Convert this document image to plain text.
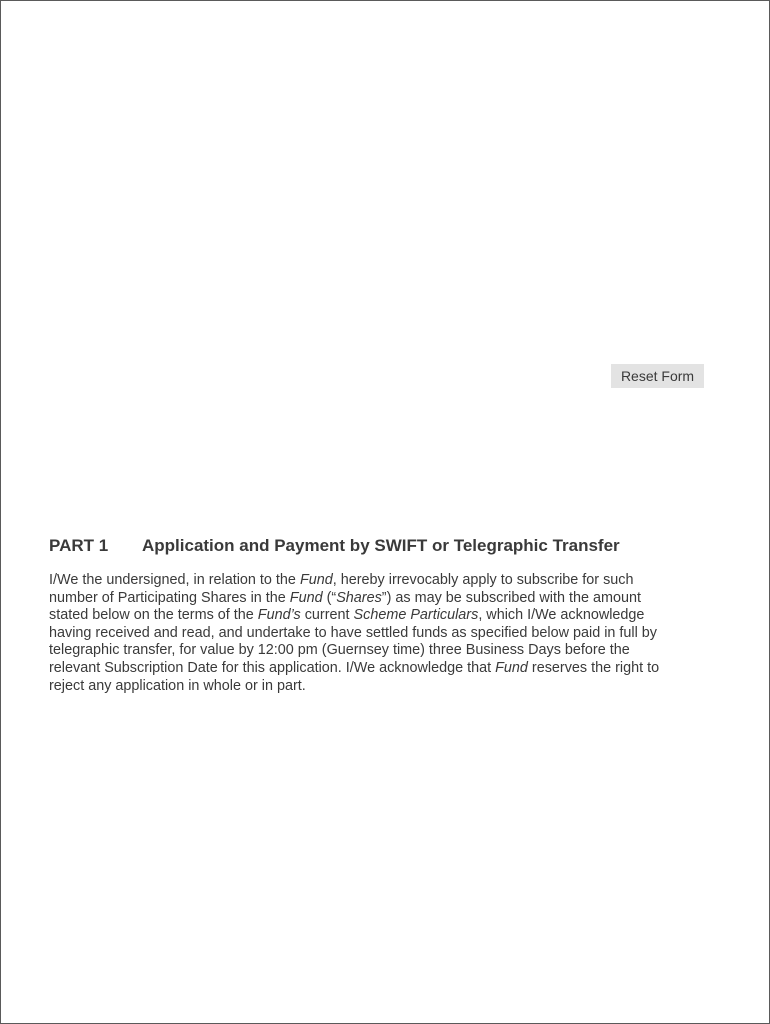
Reset Form
PART 1 Application and Payment by SWIFT or Telegraphic Transfer
I/We the undersigned, in relation to the Fund, hereby irrevocably apply to subscribe for such
number of Participating Shares in the Fund (“Shares”) as may be subscribed with the amount
stated below on the terms of the Fund’s current Scheme Particulars, which I/We acknowledge
having received and read, and undertake to have settled funds as specified below paid in full by
telegraphic transfer, for value by 12:00 pm (Guernsey time) three Business Days before the
relevant Subscription Date for this application. I/We acknowledge that Fund reserves the right to
reject any application in whole or in part.
